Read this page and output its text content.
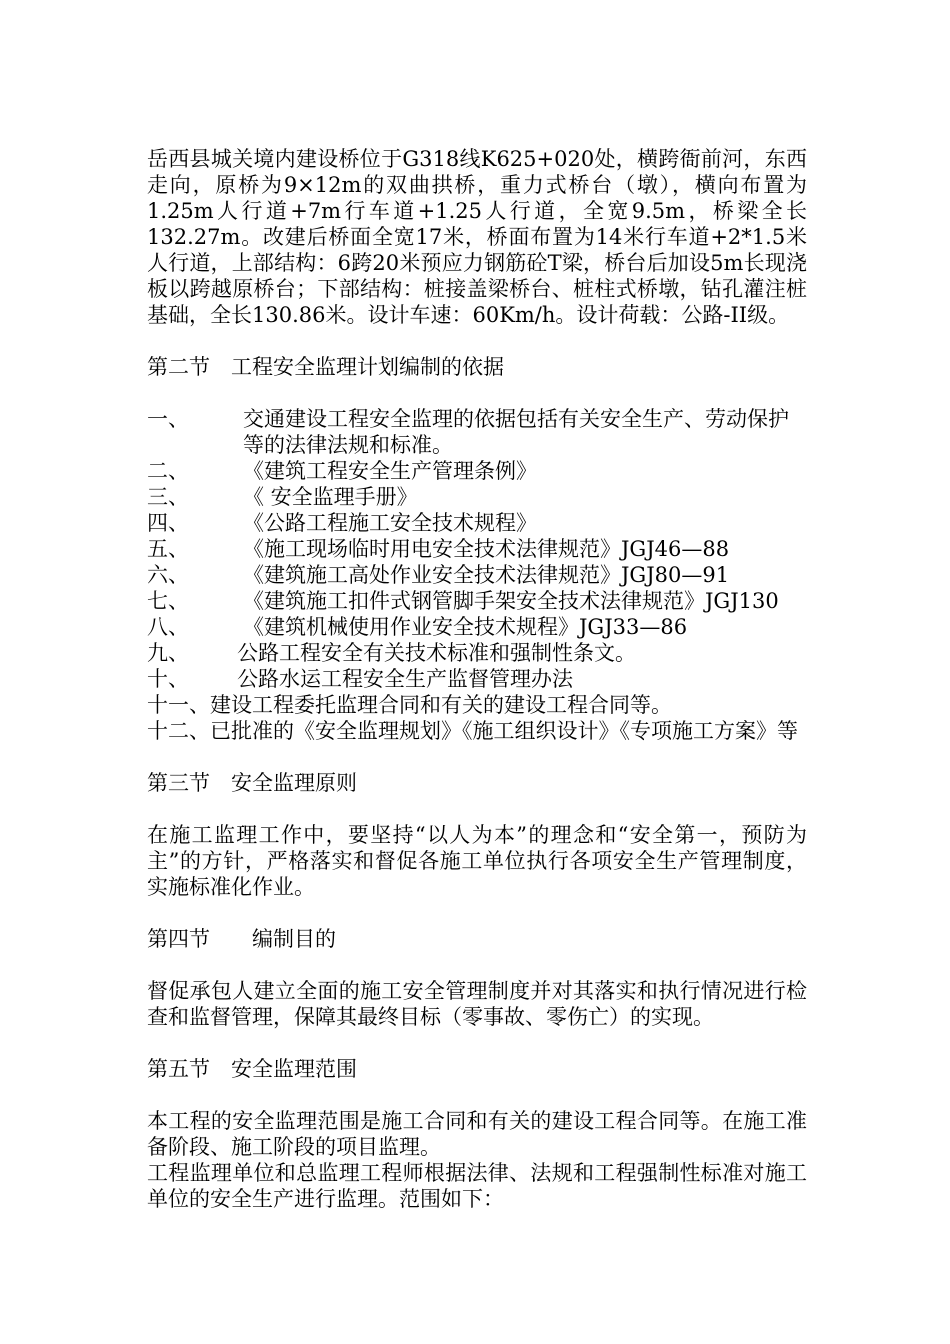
岳西县城关境内建设桥位于G318线K625+020处，横跨衙前河，东西走向，原桥为9×12m的双曲拱桥，重力式桥台（墩），横向布置为1.25m人行道+7m行车道+1.25人行道，全宽9.5m，桥梁全长132.27m。改建后桥面全宽17米，桥面布置为14米行车道+2*1.5米人行道，上部结构：6跨20米预应力钢筋砼T梁，桥台后加设5m长现浇板以跨越原桥台；下部结构：桩接盖梁桥台、桩柱式桥墩，钻孔灌注桩基础，全长130.86米。设计车速：60Km/h。设计荷载：公路-II级。

第二节　工程安全监理计划编制的依据

一、	交通建设工程安全监理的依据包括有关安全生产、劳动保护等的法律法规和标准。
二、	《建筑工程安全生产管理条例》
三、	《 安全监理手册》
四、	《公路工程施工安全技术规程》
五、	《施工现场临时用电安全技术法律规范》JGJ46—88
六、	《建筑施工高处作业安全技术法律规范》JGJ80—91
七、	《建筑施工扣件式钢管脚手架安全技术法律规范》JGJ130
八、	《建筑机械使用作业安全技术规程》JGJ33—86
九、	公路工程安全有关技术标准和强制性条文。
十、	公路水运工程安全生产监督管理办法
十一、 建设工程委托监理合同和有关的建设工程合同等。
十二、 已批准的《安全监理规划》《施工组织设计》《专项施工方案》等

第三节　安全监理原则

在施工监理工作中，要坚持“以人为本”的理念和“安全第一，预防为主”的方针，严格落实和督促各施工单位执行各项安全生产管理制度，实施标准化作业。

第四节　　编制目的

督促承包人建立全面的施工安全管理制度并对其落实和执行情况进行检查和监督管理，保障其最终目标（零事故、零伤亡）的实现。

第五节　安全监理范围

本工程的安全监理范围是施工合同和有关的建设工程合同等。在施工准备阶段、施工阶段的项目监理。

工程监理单位和总监理工程师根据法律、法规和工程强制性标准对施工单位的安全生产进行监理。范围如下：
